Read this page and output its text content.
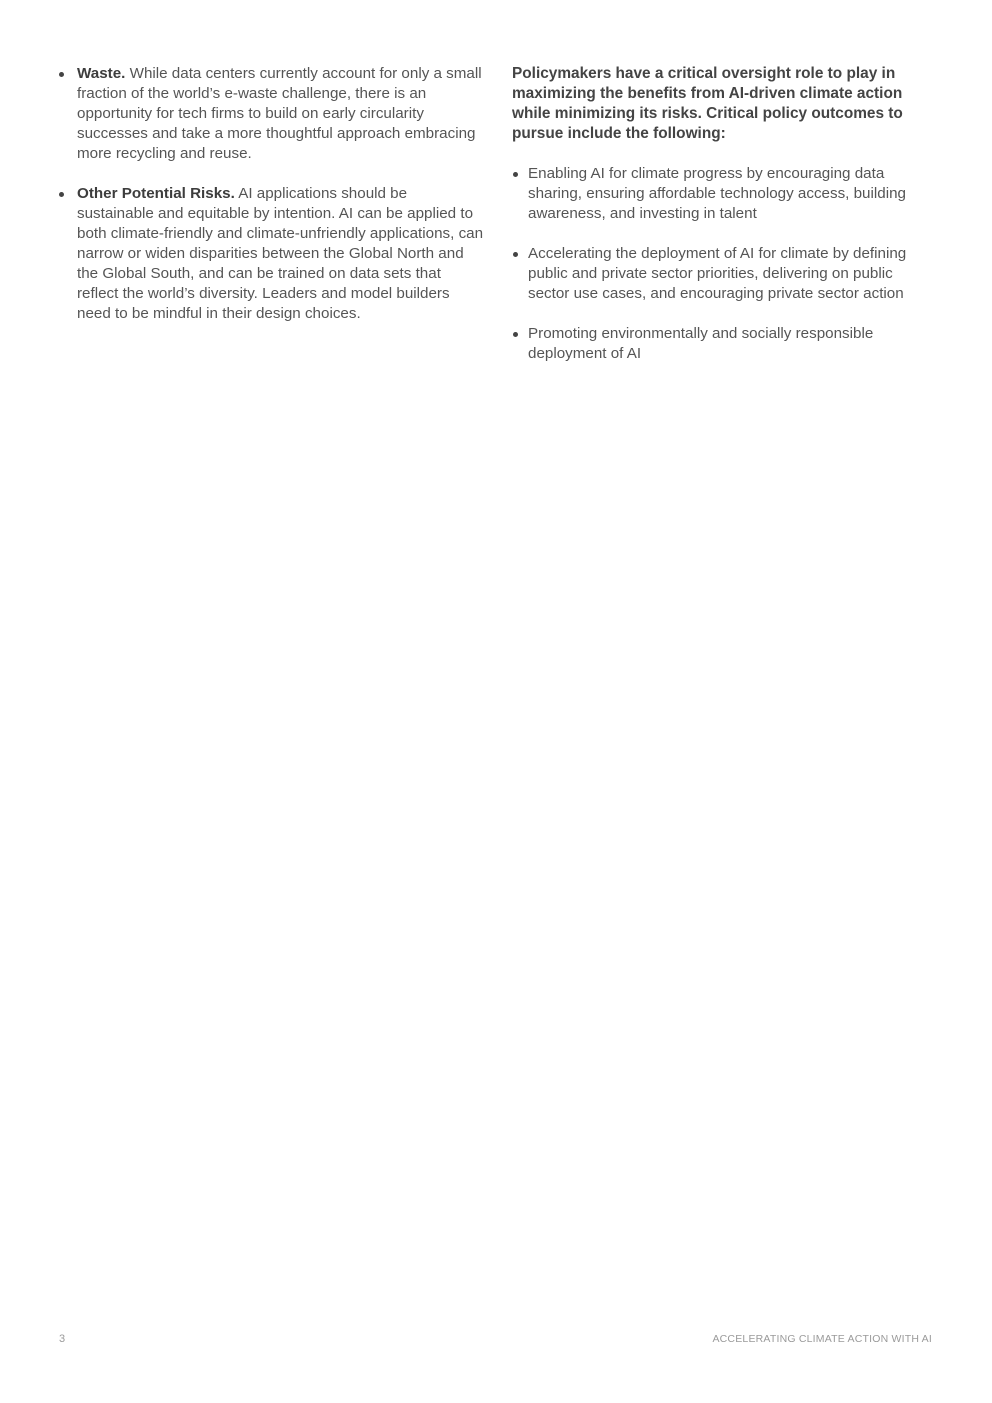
Waste. While data centers currently account for only a small fraction of the world’s e-waste challenge, there is an opportunity for tech firms to build on early circularity successes and take a more thoughtful approach embracing more recycling and reuse.
Other Potential Risks. AI applications should be sustainable and equitable by intention. AI can be applied to both climate-friendly and climate-unfriendly applications, can narrow or widen disparities between the Global North and the Global South, and can be trained on data sets that reflect the world’s diversity. Leaders and model builders need to be mindful in their design choices.

Policymakers have a critical oversight role to play in maximizing the benefits from AI-driven climate action while minimizing its risks. Critical policy outcomes to pursue include the following:

Enabling AI for climate progress by encouraging data sharing, ensuring affordable technology access, building awareness, and investing in talent
Accelerating the deployment of AI for climate by defining public and private sector priorities, delivering on public sector use cases, and encouraging private sector action
Promoting environmentally and socially responsible deployment of AI
3	ACCELERATING CLIMATE ACTION WITH AI
